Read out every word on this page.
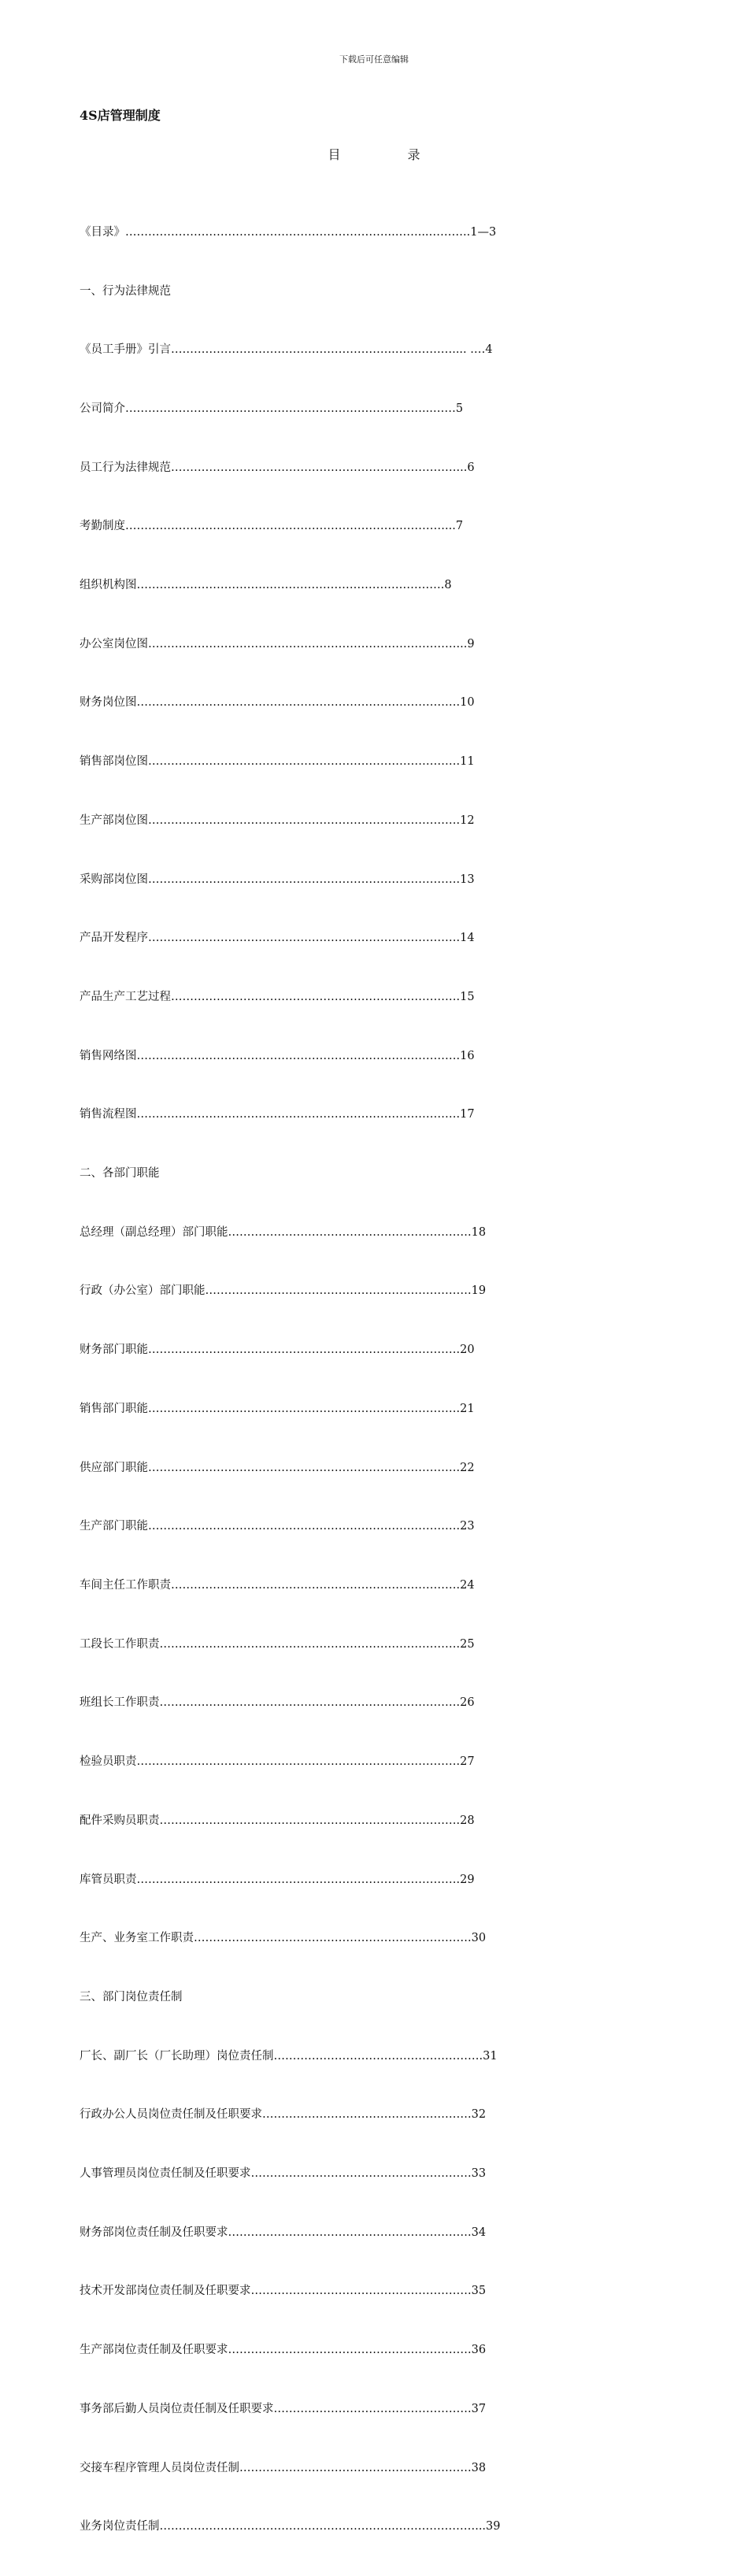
下载后可任意编辑
4S店管理制度
目 录

《目录》……………………………………………………………..……...………..1—3

一、行为法律规范

《员工手册》引言…………………………………………………..…………….... .…4

公司简介……………………………………………………………………...……5

员工行为法律规范…………………………………………………………………...6

考勤制度…………………………………………………………………………...7

组织机构图……………………………..……………………………………….8

办公室岗位图………………………………………………………………………...9

财务岗位图………………………………………………………………………….10

销售部岗位图……………………………………………………………………….11

生产部岗位图……………………………………………………………………….12

采购部岗位图……………………………………………………………………….13

产品开发程序……………………………………………………………………….14

产品生产工艺过程………………………………………………………………….15

销售网络图………………………………………………………………………….16

销售流程图………………………………………………………………………….17

二、各部门职能

总经理（副总经理）部门职能……………………………………………………….18

行政（办公室）部门职能…………………………………………………………….19

财务部门职能……………………………………………………………………….20

销售部门职能……………………………………………………………………….21

供应部门职能……………………………………………………………………….22

生产部门职能……………………………………………………………………….23

车间主任工作职责………………………………………………………………….24

工段长工作职责…………………………………………………………………….25

班组长工作职责…………………………………………………………………….26

检验员职责………………………………………………………………………….27

配件采购员职责…………………………………………………………………….28

库管员职责………………………………………………………………………….29

生产、业务室工作职责……………………………………………………………….30

三、部门岗位责任制

厂长、副厂长（厂长助理）岗位责任制……………………………………………….31

行政办公人员岗位责任制及任职要求……………………………………………….32

人事管理员岗位责任制及任职要求………………………………………………….33

财务部岗位责任制及任职要求……………………………………………………….34

技术开发部岗位责任制及任职要求………………………………………………….35

生产部岗位责任制及任职要求……………………………………………………….36

事务部后勤人员岗位责任制及任职要求…………………………………………….37

交接车程序管理人员岗位责任制…………………………………………………….38

业务岗位责任制……………………………………………………..…………………...39
